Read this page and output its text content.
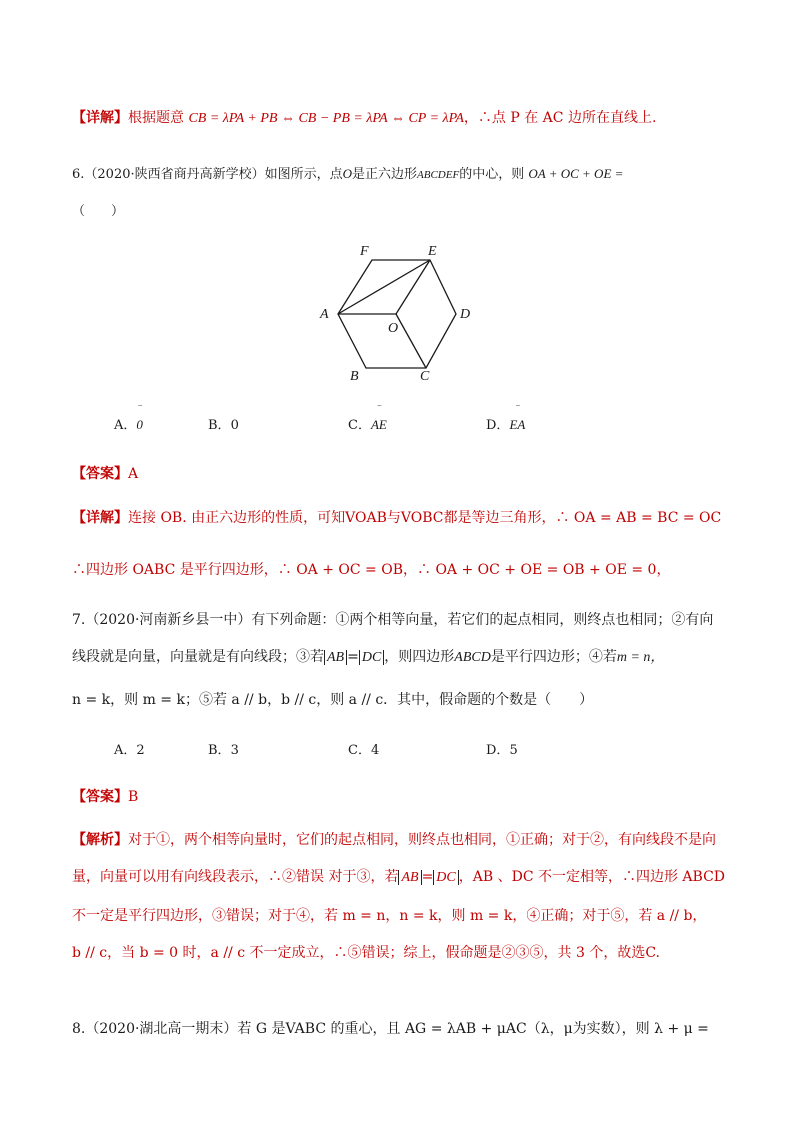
【详解】根据题意 CB = λPA + PB ⇔ CB − PB = λPA ⇔ CP = λPA，∴点 P 在 AC 边所在直线上.
6.（2020·陕西省商丹高新学校）如图所示，点O是正六边形ABCDEF的中心，则 OA + OC + OE =
（　　）
F	E
A	D
O
B	C
A．‾ 0	B．0	C．‾ AE	D．‾ EA
【答案】A
【详解】连接 OB. 由正六边形的性质，可知VOAB与VOBC都是等边三角形，∴ OA = AB = BC = OC
∴四边形 OABC 是平行四边形，∴ OA + OC = OB，∴ OA + OC + OE = OB + OE = 0，
7.（2020·河南新乡县一中）有下列命题：①两个相等向量，若它们的起点相同，则终点也相同；②有向
线段就是向量，向量就是有向线段；③若 AB = DC ，则四边形ABCD是平行四边形；④若m = n，
n = k，则 m = k；⑤若 a // b，b // c，则 a // c．其中，假命题的个数是（　　）
A．2	B．3	C．4	D．5
【答案】B
【解析】对于①，两个相等向量时，它们的起点相同，则终点也相同，①正确；对于②，有向线段不是向
量，向量可以用有向线段表示，∴②错误 对于③，若 AB = DC ，AB 、DC 不一定相等，∴四边形 ABCD
不一定是平行四边形，③错误；对于④，若 m = n，n = k，则 m = k，④正确；对于⑤，若 a // b，
b // c，当 b = 0 时，a // c 不一定成立，∴⑤错误；综上，假命题是②③⑤，共 3 个，故选C.
8.（2020·湖北高一期末）若 G 是VABC 的重心，且 AG = λAB + μAC（λ，μ为实数），则 λ + μ =
